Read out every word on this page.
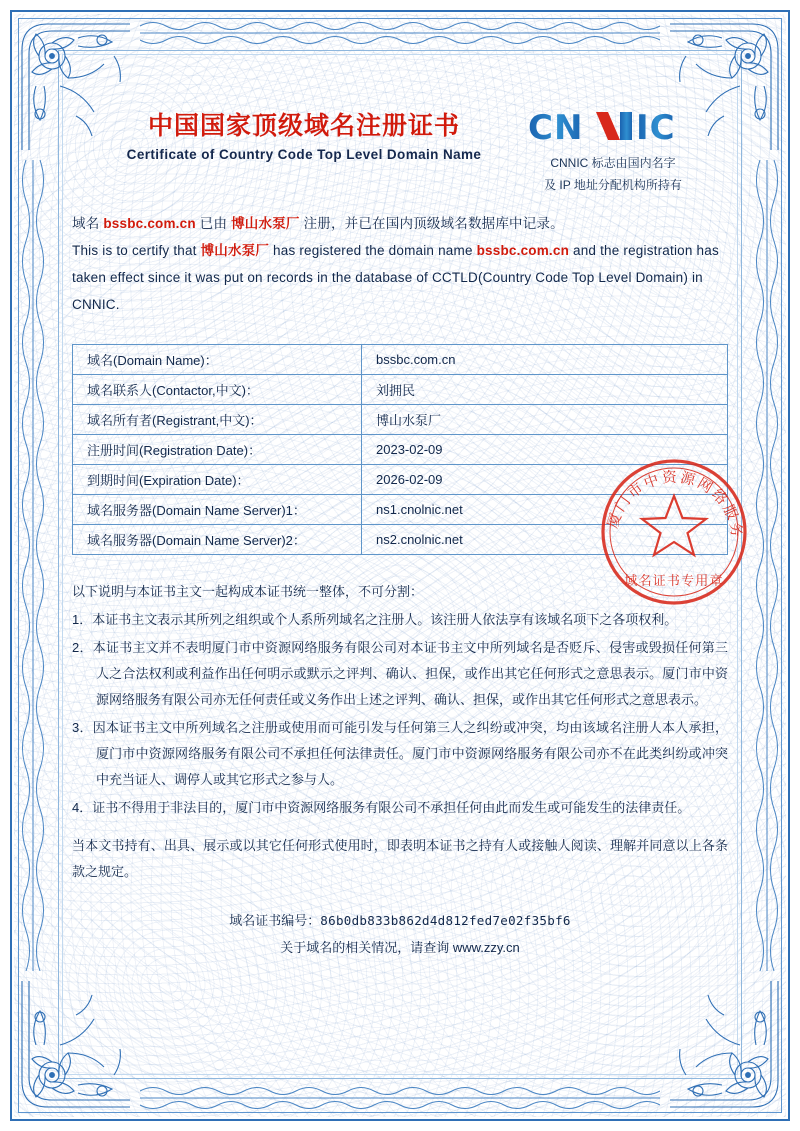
中国国家顶级域名注册证书
Certificate of Country Code Top Level Domain Name
CN IC
CNNIC 标志由国内名字
及 IP 地址分配机构所持有
域名 bssbc.com.cn 已由 博山水泵厂 注册，并已在国内顶级域名数据库中记录。
This is to certify that 博山水泵厂 has registered the domain name bssbc.com.cn and the registration has taken effect since it was put on records in the database of CCTLD(Country Code Top Level Domain) in CNNIC.
域名(Domain Name)：	bssbc.com.cn
域名联系人(Contactor,中文)：	刘拥民
域名所有者(Registrant,中文)：	博山水泵厂
注册时间(Registration Date)：	2023-02-09
到期时间(Expiration Date)：	2026-02-09
域名服务器(Domain Name Server)1：	ns1.cnolnic.net
域名服务器(Domain Name Server)2：	ns2.cnolnic.net

以下说明与本证书主文一起构成本证书统一整体，不可分割：

1．本证书主文表示其所列之组织或个人系所列域名之注册人。该注册人依法享有该域名项下之各项权利。

2．本证书主文并不表明厦门市中资源网络服务有限公司对本证书主文中所列域名是否贬斥、侵害或毁损任何第三人之合法权利或利益作出任何明示或默示之评判、确认、担保，或作出其它任何形式之意思表示。厦门市中资源网络服务有限公司亦无任何责任或义务作出上述之评判、确认、担保，或作出其它任何形式之意思表示。

3．因本证书主文中所列域名之注册或使用而可能引发与任何第三人之纠纷或冲突，均由该域名注册人本人承担，厦门市中资源网络服务有限公司不承担任何法律责任。厦门市中资源网络服务有限公司亦不在此类纠纷或冲突中充当证人、调停人或其它形式之参与人。

4．证书不得用于非法目的，厦门市中资源网络服务有限公司不承担任何由此而发生或可能发生的法律责任。

当本文书持有、出具、展示或以其它任何形式使用时，即表明本证书之持有人或接触人阅读、理解并同意以上各条款之规定。

域名证书编号：86b0db833b862d4d812fed7e02f35bf6
关于域名的相关情况，请查询 www.zzy.cn
厦门市中资源网络服务
域名证书专用章
